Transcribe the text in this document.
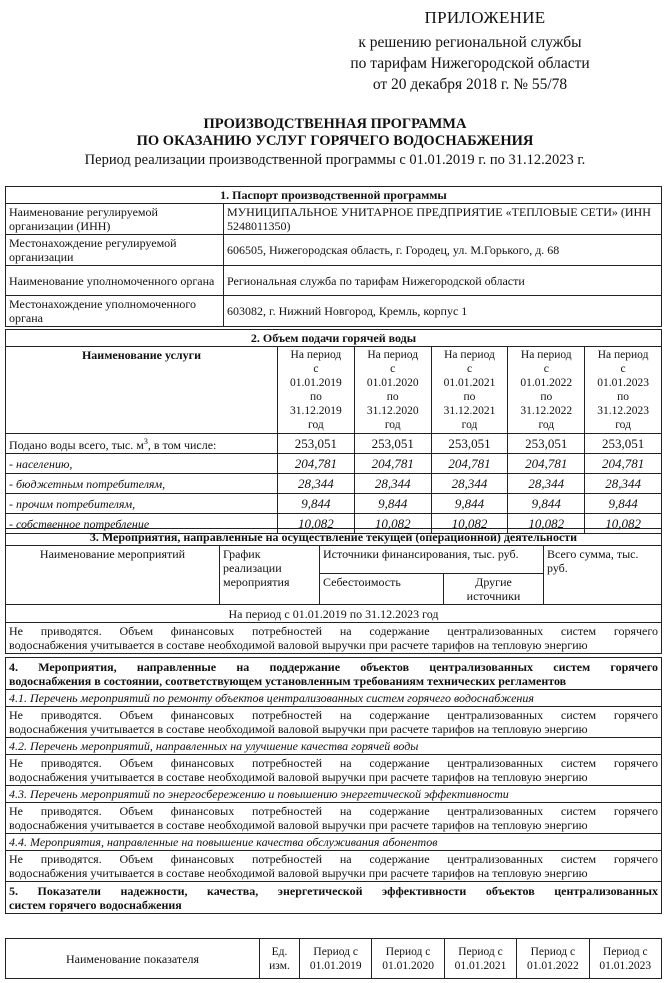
ПРИЛОЖЕНИЕ
к решению региональной службы
по тарифам Нижегородской области
от 20 декабря 2018 г. № 55/78
ПРОИЗВОДСТВЕННАЯ ПРОГРАММА
ПО ОКАЗАНИЮ УСЛУГ ГОРЯЧЕГО ВОДОСНАБЖЕНИЯ
Период реализации производственной программы с 01.01.2019 г. по 31.12.2023 г.
1. Паспорт производственной программы	
Наименование регулируемой организации (ИНН)	МУНИЦИПАЛЬНОЕ УНИТАРНОЕ ПРЕДПРИЯТИЕ «ТЕПЛОВЫЕ СЕТИ» (ИНН 5248011350)
Местонахождение регулируемой организации	606505, Нижегородская область, г. Городец, ул. М.Горького, д. 68
Наименование уполномоченного органа	Региональная служба по тарифам Нижегородской области
Местонахождение уполномоченного органа	603082, г. Нижний Новгород, Кремль, корпус 1
2. Объем подачи горячей воды					
Наименование услуги	На период с 01.01.2019 по 31.12.2019 год	На период с 01.01.2020 по 31.12.2020 год	На период с 01.01.2021 по 31.12.2021 год	На период с 01.01.2022 по 31.12.2022 год	На период с 01.01.2023 по 31.12.2023 год
Подано воды всего, тыс. $м^3$, в том числе:	253,051	253,051	253,051	253,051	253,051
- населению,	204,781	204,781	204,781	204,781	204,781
- бюджетным потребителям,	28,344	28,344	28,344	28,344	28,344
- прочим потребителям,	9,844	9,844	9,844	9,844	9,844
- собственное потребление	10,082	10,082	10,082	10,082	10,082
3. Мероприятия, направленные на осуществление текущей (операционной) деятельности				
Наименование мероприятий	График реализации мероприятия	Источники финансирования, тыс. руб.		Всего сумма, тыс. руб.
		Себестоимость	Другие источники	
На период с 01.01.2019 по 31.12.2023 год				

Не приводятся. Объем финансовых потребностей на содержание централизованных систем горячего
водоснабжения учитывается в составе необходимой валовой выручки при расчете тарифов на тепловую энергию				
4. Мероприятия, направленные на поддержание объектов централизованных систем горячего
водоснабжения в состоянии, соответствующем установленным требованиям технических регламентов

4.1. Перечень мероприятий по ремонту объектов централизованных систем горячего водоснабжения

Не приводятся. Объем финансовых потребностей на содержание централизованных систем горячего
водоснабжения учитывается в составе необходимой валовой выручки при расчете тарифов на тепловую энергию

4.2. Перечень мероприятий, направленных на улучшение качества горячей воды

Не приводятся. Объем финансовых потребностей на содержание централизованных систем горячего
водоснабжения учитывается в составе необходимой валовой выручки при расчете тарифов на тепловую энергию

4.3. Перечень мероприятий по энергосбережению и повышению энергетической эффективности

Не приводятся. Объем финансовых потребностей на содержание централизованных систем горячего
водоснабжения учитывается в составе необходимой валовой выручки при расчете тарифов на тепловую энергию

4.4. Мероприятия, направленные на повышение качества обслуживания абонентов

Не приводятся. Объем финансовых потребностей на содержание централизованных систем горячего
водоснабжения учитывается в составе необходимой валовой выручки при расчете тарифов на тепловую энергию

5. Показатели надежности, качества, энергетической эффективности объектов централизованных
систем горячего водоснабжения
Наименование показателя	Ед. изм.	Период с 01.01.2019	Период с 01.01.2020	Период с 01.01.2021	Период с 01.01.2022	Период с 01.01.2023
